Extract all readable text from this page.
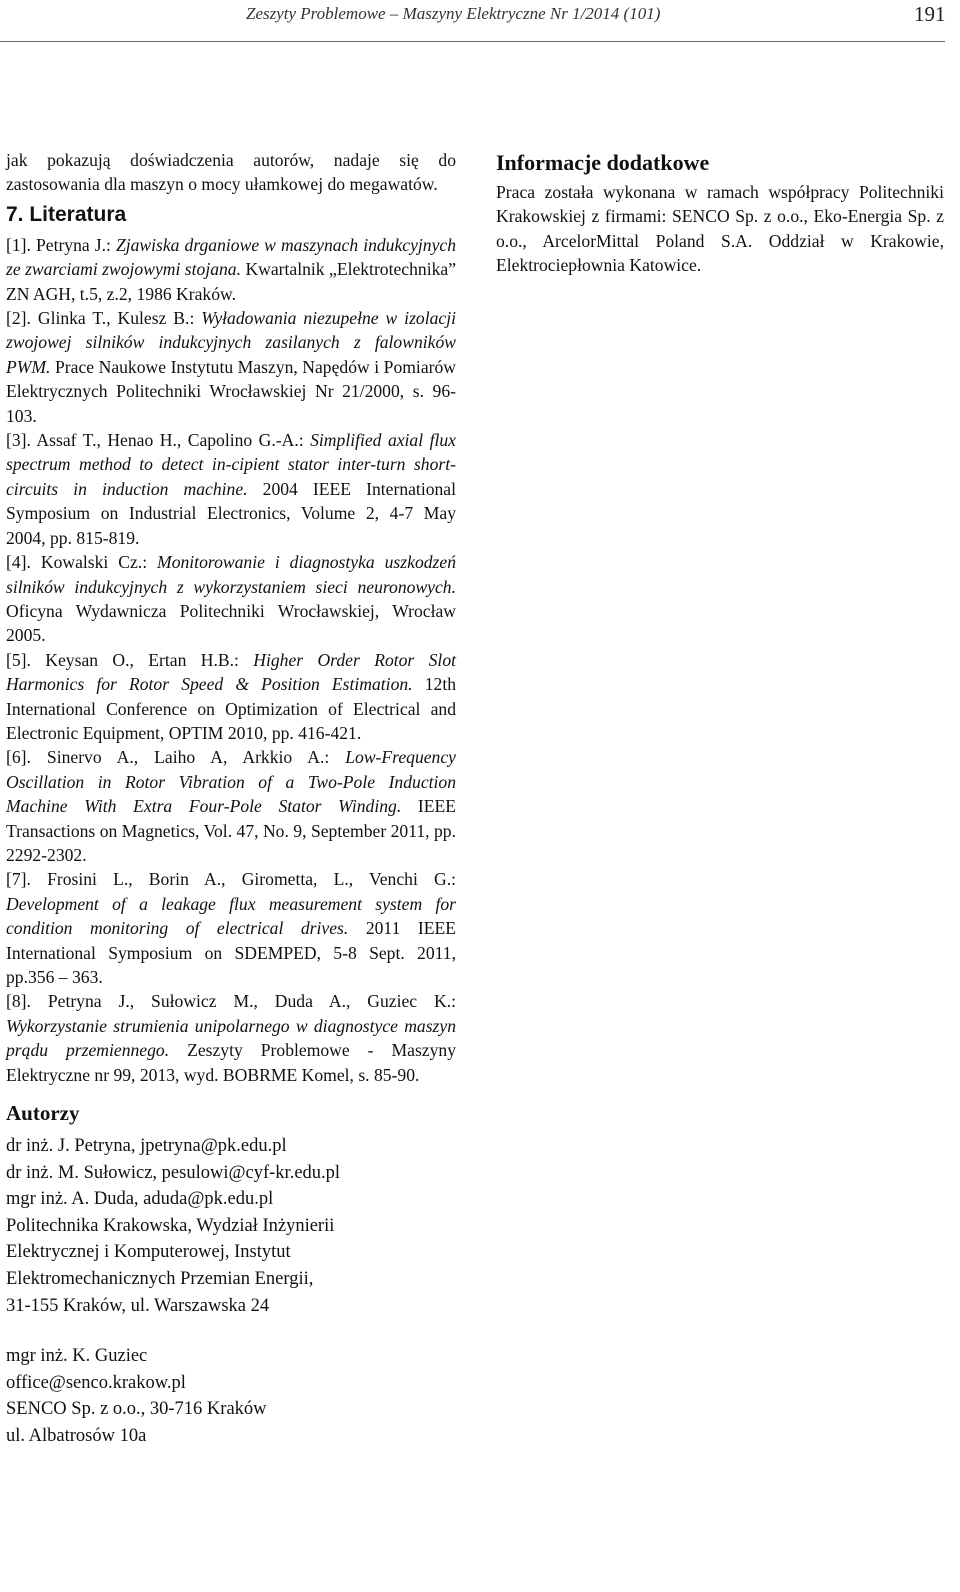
Zeszyty Problemowe – Maszyny Elektryczne Nr 1/2014 (101)	191
jak pokazują doświadczenia autorów, nadaje się do zastosowania dla maszyn o mocy ułamkowej do megawatów.
7. Literatura
[1]. Petryna J.: Zjawiska drganiowe w maszynach indukcyjnych ze zwarciami zwojowymi stojana. Kwartalnik „Elektrotechnika” ZN AGH, t.5, z.2, 1986 Kraków.
[2]. Glinka T., Kulesz B.: Wyładowania niezupełne w izolacji zwojowej silników indukcyjnych zasilanych z falowników PWM. Prace Naukowe Instytutu Maszyn, Napędów i Pomiarów Elektrycznych Politechniki Wrocławskiej Nr 21/2000, s. 96-103.
[3]. Assaf T., Henao H., Capolino G.-A.: Simplified axial flux spectrum method to detect in-cipient stator inter-turn short-circuits in induction machine. 2004 IEEE International Symposium on Industrial Electronics, Volume 2, 4-7 May 2004, pp. 815-819.
[4]. Kowalski Cz.: Monitorowanie i diagnostyka uszkodzeń silników indukcyjnych z wykorzystaniem sieci neuronowych. Oficyna Wydawnicza Politechniki Wrocławskiej, Wrocław 2005.
[5]. Keysan O., Ertan H.B.: Higher Order Rotor Slot Harmonics for Rotor Speed & Position Estimation. 12th International Conference on Optimization of Electrical and Electronic Equipment, OPTIM 2010, pp. 416-421.
[6]. Sinervo A., Laiho A, Arkkio A.: Low-Frequency Oscillation in Rotor Vibration of a Two-Pole Induction Machine With Extra Four-Pole Stator Winding. IEEE Transactions on Magnetics, Vol. 47, No. 9, September 2011, pp. 2292-2302.
[7]. Frosini L., Borin A., Girometta, L., Venchi G.: Development of a leakage flux measurement system for condition monitoring of electrical drives. 2011 IEEE International Symposium on SDEMPED, 5-8 Sept. 2011, pp.356 – 363.
[8]. Petryna J., Sułowicz M., Duda A., Guziec K.: Wykorzystanie strumienia unipolarnego w diagnostyce maszyn prądu przemiennego. Zeszyty Problemowe - Maszyny Elektryczne nr 99, 2013, wyd. BOBRME Komel, s. 85-90.
Autorzy
dr inż. J. Petryna, jpetryna@pk.edu.pl
dr inż. M. Sułowicz, pesulowi@cyf-kr.edu.pl
mgr inż. A. Duda, aduda@pk.edu.pl
Politechnika Krakowska, Wydział Inżynierii
Elektrycznej i Komputerowej, Instytut
Elektromechanicznych Przemian Energii,
31-155 Kraków, ul. Warszawska 24
mgr inż. K. Guziec
office@senco.krakow.pl
SENCO Sp. z o.o., 30-716 Kraków
ul. Albatrosów 10a
Informacje dodatkowe
Praca została wykonana w ramach współpracy Politechniki Krakowskiej z firmami: SENCO Sp. z o.o., Eko-Energia Sp. z o.o., ArcelorMittal Poland S.A. Oddział w Krakowie, Elektrociepłownia Katowice.
